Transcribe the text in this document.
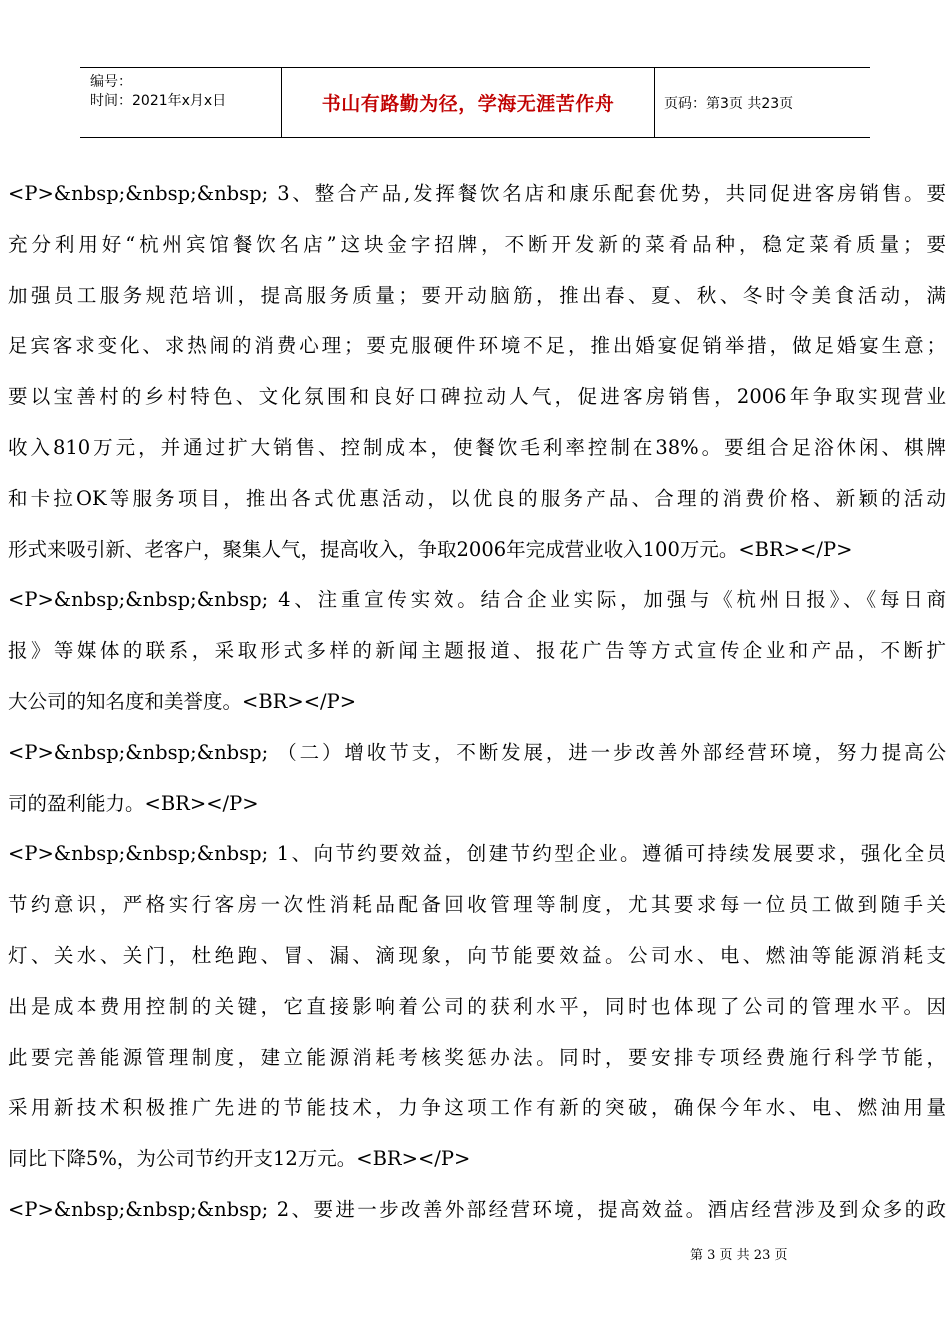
编号：
时间：2021年x月x日	书山有路勤为径，学海无涯苦作舟	页码：第3页 共23页
<P>&nbsp;&nbsp;&nbsp; 3、整合产品,发挥餐饮名店和康乐配套优势，共同促进客房销售。要
充分利用好“杭州宾馆餐饮名店”这块金字招牌，不断开发新的菜肴品种，稳定菜肴质量；要
加强员工服务规范培训，提高服务质量；要开动脑筋，推出春、夏、秋、冬时令美食活动，满
足宾客求变化、求热闹的消费心理；要克服硬件环境不足，推出婚宴促销举措，做足婚宴生意；
要以宝善村的乡村特色、文化氛围和良好口碑拉动人气，促进客房销售，2006年争取实现营业
收入810万元，并通过扩大销售、控制成本，使餐饮毛利率控制在38%。要组合足浴休闲、棋牌
和卡拉OK等服务项目，推出各式优惠活动，以优良的服务产品、合理的消费价格、新颖的活动
形式来吸引新、老客户，聚集人气，提高收入，争取2006年完成营业收入100万元。<BR></P>
<P>&nbsp;&nbsp;&nbsp; 4、注重宣传实效。结合企业实际，加强与《杭州日报》、《每日商
报》等媒体的联系，采取形式多样的新闻主题报道、报花广告等方式宣传企业和产品，不断扩
大公司的知名度和美誉度。<BR></P>
<P>&nbsp;&nbsp;&nbsp; （二）增收节支，不断发展，进一步改善外部经营环境，努力提高公
司的盈利能力。<BR></P>
<P>&nbsp;&nbsp;&nbsp; 1、向节约要效益，创建节约型企业。遵循可持续发展要求，强化全员
节约意识，严格实行客房一次性消耗品配备回收管理等制度，尤其要求每一位员工做到随手关
灯、关水、关门，杜绝跑、冒、漏、滴现象，向节能要效益。公司水、电、燃油等能源消耗支
出是成本费用控制的关键，它直接影响着公司的获利水平，同时也体现了公司的管理水平。因
此要完善能源管理制度，建立能源消耗考核奖惩办法。同时，要安排专项经费施行科学节能，
采用新技术积极推广先进的节能技术，力争这项工作有新的突破，确保今年水、电、燃油用量
同比下降5%，为公司节约开支12万元。<BR></P>
<P>&nbsp;&nbsp;&nbsp; 2、要进一步改善外部经营环境，提高效益。酒店经营涉及到众多的政
第 3 页 共 23 页
